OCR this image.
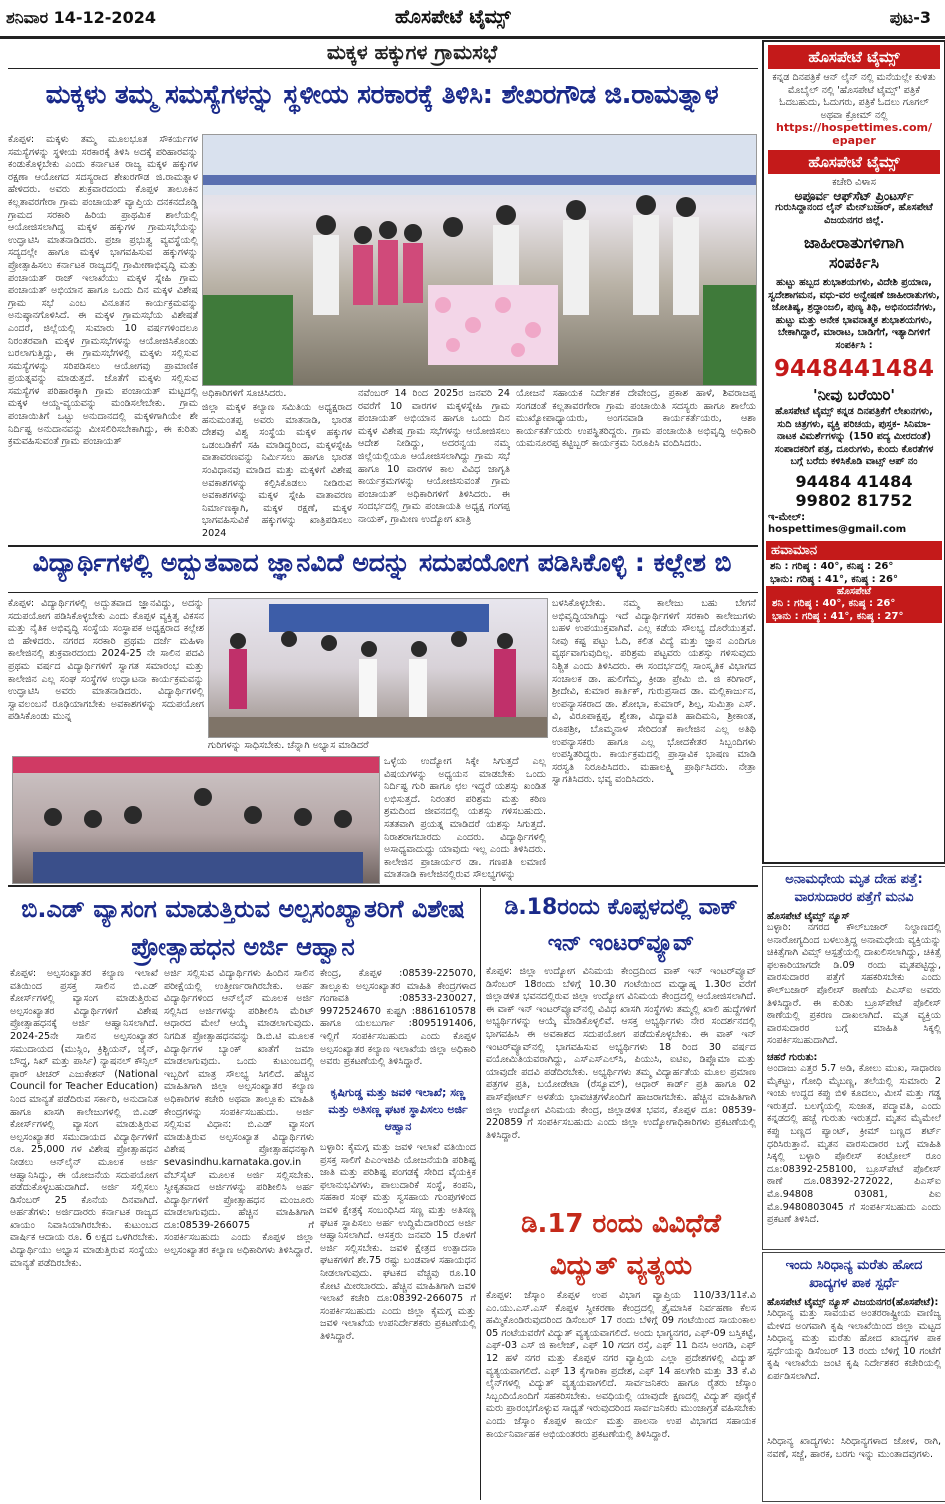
ಶನಿವಾರ 14-12-2024	ಹೊಸಪೇಟೆ ಟೈಮ್ಸ್	ಪುಟ-3
ಮಕ್ಕಳ ಹಕ್ಕುಗಳ ಗ್ರಾಮಸಭೆ
ಮಕ್ಕಳು ತಮ್ಮ ಸಮಸ್ಯೆಗಳನ್ನು ಸ್ಥಳೀಯ ಸರಕಾರಕ್ಕೆ ತಿಳಿಸಿ: ಶೇಖರಗೌಡ ಜಿ.ರಾಮತ್ನಾಳ
ಕೊಪ್ಪಳ: ಮಕ್ಕಳು ತಮ್ಮ ಮೂಲಭೂತ ಸೌಕರ್ಯಗಳ ಸಮಸ್ಯೆಗಳನ್ನು ಸ್ಥಳೀಯ ಸರಕಾರಕ್ಕೆ ತಿಳಿಸಿ ಅದಕ್ಕೆ ಪರಿಹಾರವನ್ನು ಕಂಡುಕೊಳ್ಳಬೇಕು ಎಂದು ಕರ್ನಾಟಕ ರಾಜ್ಯ ಮಕ್ಕಳ ಹಕ್ಕುಗಳ ರಕ್ಷಣಾ ಆಯೋಗದ ಸದಸ್ಯರಾದ ಶೇಖರಗೌಡ ಜಿ.ರಾಮತ್ನಾಳ ಹೇಳಿದರು. ಅವರು ಶುಕ್ರವಾರದಂದು ಕೊಪ್ಪಳ ತಾಲೂಕಿನ ಕಲ್ಲತಾವರಗೇರಾ ಗ್ರಾಮ ಪಂಚಾಯತ್ ವ್ಯಾಪ್ತಿಯ ದನಕನದೊಡ್ಡಿ ಗ್ರಾಮದ ಸರಕಾರಿ ಹಿರಿಯ ಪ್ರಾಥಮಿಕ ಶಾಲೆಯಲ್ಲಿ ಆಯೋಜಿಸಲಾಗಿದ್ದ ಮಕ್ಕಳ ಹಕ್ಕುಗಳ ಗ್ರಾಮಸಭೆಯನ್ನು ಉದ್ಘಾಟಿಸಿ ಮಾತನಾಡಿದರು. ಪ್ರಜಾ ಪ್ರಭುತ್ವ ವ್ಯವಸ್ಥೆಯಲ್ಲಿ ಸದ್ಯದಲ್ಲೇ ಹಾಗೂ ಮಕ್ಕಳ ಭಾಗವಹಿಸುವ ಹಕ್ಕುಗಳನ್ನು ಪ್ರೋತ್ಸಾಹಿಸಲು ಕರ್ನಾಟಕ ರಾಜ್ಯದಲ್ಲಿ ಗ್ರಾಮೀಣಾಭಿವೃದ್ಧಿ ಮತ್ತು ಪಂಚಾಯತ್ ರಾಜ್ ಇಲಾಖೆಯು ಮಕ್ಕಳ ಸ್ನೇಹಿ ಗ್ರಾಮ ಪಂಚಾಯತ್ ಅಭಿಯಾನ ಹಾಗೂ ಒಂದು ದಿನ ಮಕ್ಕಳ ವಿಶೇಷ ಗ್ರಾಮ ಸಭೆ ಎಂಬ ವಿನೂತನ ಕಾರ್ಯಕ್ರಮವನ್ನು ಅನುಷ್ಠಾನಗೊಳಿಸಿದೆ. ಈ ಮಕ್ಕಳ ಗ್ರಾಮಸಭೆಯ ವಿಶೇಷತೆ ಎಂದರೆ, ಜಿಲ್ಲೆಯಲ್ಲಿ ಸುಮಾರು 10 ವರ್ಷಗಳಿಂದಲೂ ನಿರಂತರವಾಗಿ ಮಕ್ಕಳ ಗ್ರಾಮಸಭೆಗಳನ್ನು ಆಯೋಜಿಸಿಕೊಂಡು ಬರಲಾಗುತ್ತಿದ್ದು, ಈ ಗ್ರಾಮಸಭೆಗಳಲ್ಲಿ ಮಕ್ಕಳು ಸಲ್ಲಿಸುವ ಸಮಸ್ಯೆಗಳನ್ನು ಸರಿಪಡಿಸಲು ಆಯೋಗವು ಪ್ರಾಮಾಣಿಕ ಪ್ರಯತ್ನವನ್ನು ಮಾಡುತ್ತದೆ. ಜೊತೆಗೆ ಮಕ್ಕಳು ಸಲ್ಲಿಸುವ ಸಮಸ್ಯೆಗಳ ಪರಿಹಾರಕ್ಕಾಗಿ ಗ್ರಾಮ ಪಂಚಾಯತ್ ಮಟ್ಟದಲ್ಲಿ ಮಕ್ಕಳ ಆಯ್ದ-ವ್ಯಯವನ್ನು ಮಂಡಿಸಲೇಬೇಕು. ಗ್ರಾಮ ಪಂಚಾಯಿತಿಗೆ ಒಟ್ಟು ಅನುದಾನದಲ್ಲಿ ಮಕ್ಕಳಿಗಾಗಿಯೇ ಶೇ ನಿರ್ದಿಷ್ಟ ಅನುದಾನವನ್ನು ಮೀಸಲಿರಿಸಬೇಕಾಗಿದ್ದು, ಈ ಕುರಿತು ಕ್ರಮವಹಿಸುವಂತೆ ಗ್ರಾಮ ಪಂಚಾಯತ್
ಅಧಿಕಾರಿಗಳಿಗೆ ಸೂಚಿಸಿದರು.
ಜಿಲ್ಲಾ ಮಕ್ಕಳ ಕಲ್ಯಾಣ ಸಮಿತಿಯ ಅಧ್ಯಕ್ಷರಾದ ಹನುಮಂತಪ್ಪ ಅವರು ಮಾತನಾಡಿ, ಭಾರತ ದೇಶವು ವಿಶ್ವ ಸಂಸ್ಥೆಯ ಮಕ್ಕಳ ಹಕ್ಕುಗಳ ಒಡಂಬಡಿಕೆಗೆ ಸಹಿ ಮಾಡಿದ್ದರಿಂದ, ಮಕ್ಕಳಸ್ನೇಹಿ ವಾತಾವರಣವನ್ನು ನಿರ್ಮಿಸಲು ಹಾಗೂ ಭಾರತ ಸಂವಿಧಾನವು ಮಾಡಿದ ಮತ್ತು ಮಕ್ಕಳಿಗೆ ವಿಶೇಷ ಅವಕಾಶಗಳನ್ನು ಕಲ್ಪಿಸಿಕೊಡಲು ನೀಡಿರುವ ಅವಕಾಶಗಳನ್ನು ಮಕ್ಕಳ ಸ್ನೇಹಿ ವಾತಾವರಣ ನಿರ್ಮಾಣಕ್ಕಾಗಿ, ಮಕ್ಕಳ ರಕ್ಷಣೆ, ಮಕ್ಕಳ ಭಾಗವಹಿಸುವಿಕೆ ಹಕ್ಕುಗಳನ್ನು ಖಾತ್ರಿಪಡಿಸಲು 2024
ನವೆಂಬರ್ 14 ರಿಂದ 2025ರ ಜನವರಿ 24 ರವರೆಗೆ 10 ವಾರಗಳ ಮಕ್ಕಳಸ್ನೇಹಿ ಗ್ರಾಮ ಪಂಚಾಯತ್ ಅಭಿಯಾನ ಹಾಗೂ ಒಂದು ದಿನ ಮಕ್ಕಳ ವಿಶೇಷ ಗ್ರಾಮ ಸಭೆಗಳನ್ನು ಆಯೋಜಿಸಲು ಆದೇಶ ನೀಡಿದ್ದು, ಅದರನ್ವಯ ನಮ್ಮ ಜಿಲ್ಲೆಯಲ್ಲಿಯೂ ಆಯೋಜಿಸಲಾಗಿದ್ದು ಗ್ರಾಮ ಸಭೆ ಹಾಗೂ 10 ವಾರಗಳ ಕಾಲ ವಿವಿಧ ಜಾಗೃತಿ ಕಾರ್ಯಕ್ರಮಗಳನ್ನು ಆಯೋಜಿಸುವಂತೆ ಗ್ರಾಮ ಪಂಚಾಯತ್ ಅಧಿಕಾರಿಗಳಿಗೆ ತಿಳಿಸಿದರು. ಈ ಸಂದರ್ಭದಲ್ಲಿ ಗ್ರಾಮ ಪಂಚಾಯತಿ ಅಧ್ಯಕ್ಷ ಗಂಗಪ್ಪ ನಾಯಕ್, ಗ್ರಾಮೀಣ ಉದ್ಯೋಗ ಖಾತ್ರಿ
ಯೋಜನೆ ಸಹಾಯಕ ನಿರ್ದೇಶಕ ದೇವೇಂದ್ರ, ಪ್ರಕಾಶ ಹಾಳೆ, ಶಿವರಾಜಪ್ಪ ಸಂಗಡಂತೆ ಕಲ್ಲತಾವರಗೇರಾ ಗ್ರಾಮ ಪಂಚಾಯಿತಿ ಸದಸ್ಯರು ಹಾಗೂ ಶಾಲೆಯ ಮುಖ್ಯೋಪಾಧ್ಯಾಯರು, ಅಂಗನವಾಡಿ ಕಾರ್ಯಕರ್ತೆಯರು, ಆಶಾ ಕಾರ್ಯಕರ್ತೆಯರು ಉಪಸ್ಥಿತರಿದ್ದರು. ಗ್ರಾಮ ಪಂಚಾಯಿತಿ ಅಭಿವೃದ್ಧಿ ಅಧಿಕಾರಿ ಯಮನೂರಪ್ಪ ಕಟ್ಟಿಬ್ಬರ್ ಕಾರ್ಯಕ್ರಮ ನಿರೂಪಿಸಿ ವಂದಿಸಿದರು.
ವಿದ್ಯಾರ್ಥಿಗಳಲ್ಲಿ ಅದ್ಬುತವಾದ ಜ್ಞಾನವಿದೆ ಅದನ್ನು ಸದುಪಯೋಗ ಪಡಿಸಿಕೊಳ್ಳಿ : ಕಲ್ಲೇಶ ಬಿ
ಕೊಪ್ಪಳ: ವಿದ್ಯಾರ್ಥಿಗಳಲ್ಲಿ ಅದ್ಬುತವಾದ ಜ್ಞಾನವಿದ್ದು, ಅದನ್ನು ಸದುಪಯೋಗ ಪಡಿಸಿಕೊಳ್ಳಬೇಕು ಎಂದು ಕೊಪ್ಪಳ ವ್ಯಕ್ತಿತ್ವ ವಿಕಸನ ಮತ್ತು ನೈತಿಕ ಅಭಿವೃದ್ಧಿ ಸಂಸ್ಥೆಯ ಸಂಸ್ಥಾಪಕ ಅಧ್ಯಕ್ಷರಾದ ಕಲ್ಲೇಶ ಬಿ ಹೇಳಿದರು. ನಗರದ ಸರಕಾರಿ ಪ್ರಥಮ ದರ್ಜೆ ಮಹಿಳಾ ಕಾಲೇಜಿನಲ್ಲಿ ಶುಕ್ರವಾರದಂದು 2024-25 ನೇ ಸಾಲಿನ ಪದವಿ ಪ್ರಥಮ ವರ್ಷದ ವಿದ್ಯಾರ್ಥಿಗಳಿಗೆ ಸ್ವಾಗತ ಸಮಾರಂಭ ಮತ್ತು ಕಾಲೇಜಿನ ಎಲ್ಲ ಸಂಘ ಸಂಸ್ಥೆಗಳ ಉದ್ಘಾಟನಾ ಕಾರ್ಯಕ್ರಮವನ್ನು ಉದ್ಘಾಟಿಸಿ ಅವರು ಮಾತನಾಡಿದರು. ವಿದ್ಯಾರ್ಥಿಗಳಲ್ಲಿ ಸ್ವಾವಲಂಬನೆ ರೂಢಿಯಾಗಬೇಕು ಅವಕಾಶಗಳನ್ನು ಸದುಪಯೋಗ ಪಡಿಸಿಕೊಂಡು ಮುನ್ನ
ಗುರಿಗಳನ್ನು ಸಾಧಿಸಬೇಕು. ಚೆನ್ನಾಗಿ ಅಭ್ಯಾಸ ಮಾಡಿದರೆ
ಒಳ್ಳೆಯ ಉದ್ಯೋಗ ಸಿಕ್ಕೇ ಸಿಗುತ್ತದೆ ಎಲ್ಲ ವಿಷಯಗಳನ್ನು ಅಧ್ಯಯನ ಮಾಡಬೇಕು ಒಂದು ನಿರ್ದಿಷ್ಟ ಗುರಿ ಹಾಗೂ ಛಲ ಇದ್ದರೆ ಯಶಸ್ಸು ಖಂಡಿತ ಲಭಿಸುತ್ತದೆ. ನಿರಂತರ ಪರಿಶ್ರಮ ಮತ್ತು ಕಠಿಣ ಶ್ರಮದಿಂದ ಜೀವನದಲ್ಲಿ ಯಶಸ್ಸು ಗಳಿಸಬಹುದು. ಸತತವಾಗಿ ಪ್ರಯತ್ನ ಮಾಡಿದರೆ ಯಶಸ್ಸು ಸಿಗುತ್ತದೆ. ನಿರಾಶರಾಗಬಾರದು ಎಂದರು. ವಿದ್ಯಾರ್ಥಿಗಳಲ್ಲಿ ಅಸಾಧ್ಯವಾದುದ್ದು ಯಾವುದು ಇಲ್ಲ ಎಂದು ತಿಳಿಸಿದರು. ಕಾಲೇಜಿನ ಪ್ರಾಚಾರ್ಯರ ಡಾ. ಗಣಪತಿ ಲಮಾಣಿ ಮಾತನಾಡಿ ಕಾಲೇಜಿನಲ್ಲಿರುವ ಸೌಲಭ್ಯಗಳನ್ನು
ಬಳಸಿಕೊಳ್ಳಬೇಕು. ನಮ್ಮ ಕಾಲೇಜು ಬಹು ಬೇಗನೆ ಅಭಿವೃದ್ಧಿಯಾಗಿದ್ದು ಇದೆ ವಿದ್ಯಾರ್ಥಿಗಳಿಗೆ ಸರಕಾರಿ ಕಾಲೇಜುಗಳು ಬಹಳ ಉಪಯುಕ್ತವಾಗಿವೆ. ಎಲ್ಲ ಕಡೆಯ ಸೌಲಭ್ಯ ದೊರೆಯುತ್ತವೆ. ನೀವು ಕಷ್ಟ ಪಟ್ಟು ಓದಿ, ಕಲಿತ ವಿದ್ಯೆ ಮತ್ತು ಜ್ಞಾನ ಎಂದಿಗೂ ವ್ಯರ್ಥವಾಗುವುದಿಲ್ಲ. ಪರಿಶ್ರಮ ಪಟ್ಟವರು ಯಶಸ್ಸು ಗಳಿಸುವುದು ನಿಶ್ಚಿತ ಎಂದು ತಿಳಿಸಿದರು. ಈ ಸಂದರ್ಭದಲ್ಲಿ ಸಾಂಸ್ಕೃತಿಕ ವಿಭಾಗದ ಸಂಚಾಲಕ ಡಾ. ಹುಲಿಗೆಮ್ಮ, ಕ್ರೀಡಾ ಪ್ರೇಮಿ ಬಿ. ಜಿ ಕರಿಗಾರ್, ಶ್ರೀದೇವಿ, ಕುಮಾರ ಕಾರ್ತಿಕ್, ಗುರುಪ್ರಸಾದ ಡಾ. ಮಲ್ಲಿಕಾರ್ಜುನ, ಉಪನ್ಯಾಸಕರಾದ ಡಾ. ಶೋಭಾ, ಕುಮಾರ್, ಶಿಲ್ಪ, ಸುಮಿತ್ರಾ ಎಸ್. ವಿ, ವಿರೂಪಾಕ್ಷಪ್ಪ, ಶ್ವೇತಾ, ವಿದ್ಯಾವತಿ ಹಾದಿಮನಿ, ಶ್ರೀಕಾಂತ, ರೂಪಶ್ರೀ, ಬೊಮ್ಮನಾಳ ಸೇರಿದಂತೆ ಕಾಲೇಜಿನ ಎಲ್ಲ ಅತಿಥಿ ಉಪನ್ಯಾಸಕರು ಹಾಗೂ ಎಲ್ಲ ಭೋದಕೇತರ ಸಿಬ್ಬಂದಿಗಳು ಉಪಸ್ಥಿತರಿದ್ದರು. ಕಾರ್ಯಕ್ರಮದಲ್ಲಿ ಪ್ರಾಸ್ತಾವಿಕ ಭಾಷಣ ಮಾಡಿ ಸರಸ್ವತಿ ನಿರೂಪಿಸಿದರು. ಮಹಾಲಕ್ಷ್ಮಿ ಪ್ರಾರ್ಥಿಸಿದರು. ನೇತ್ರಾ ಸ್ವಾಗತಿಸಿದರು. ಭವ್ಯ ವಂದಿಸಿದರು.
ಬಿ.ಎಡ್ ವ್ಯಾಸಂಗ ಮಾಡುತ್ತಿರುವ ಅಲ್ಪಸಂಖ್ಯಾತರಿಗೆ ವಿಶೇಷ ಪ್ರೋತ್ಸಾಹಧನ ಅರ್ಜಿ ಆಹ್ವಾನ
ಕೊಪ್ಪಳ: ಅಲ್ಪಸಂಖ್ಯಾತರ ಕಲ್ಯಾಣ ಇಲಾಖೆ ವತಿಯಿಂದ ಪ್ರಸಕ್ತ ಸಾಲಿನ ಬಿ.ಎಡ್ ಕೋರ್ಸ್‌ಗಳಲ್ಲಿ ವ್ಯಾಸಂಗ ಮಾಡುತ್ತಿರುವ ಅಲ್ಪಸಂಖ್ಯಾತರ ವಿದ್ಯಾರ್ಥಿಗಳಿಗೆ ವಿಶೇಷ ಪ್ರೋತ್ಸಾಹಧನಕ್ಕೆ ಅರ್ಜಿ ಆಹ್ವಾನಿಸಲಾಗಿದೆ. 2024-25ನೇ ಸಾಲಿನ ಅಲ್ಪಸಂಖ್ಯಾತರ ಸಮುದಾಯದ (ಮುಸ್ಲಿಂ, ಕ್ರಿಶ್ಚಿಯನ್, ಜೈನ್, ಬೌದ್ಧ, ಸಿಖ್ ಮತ್ತು ಪಾರ್ಸಿ) ನ್ಯಾಷನಲ್ ಕೌನ್ಸಿಲ್ ಫಾರ್ ಟೀಚರ್ ಎಜುಕೇಶನ್ (National Council for Teacher Education) ನಿಂದ ಮಾನ್ಯತೆ ಪಡೆದಿರುವ ಸರ್ಕಾರಿ, ಅನುದಾನಿತ ಹಾಗೂ ಖಾಸಗಿ ಕಾಲೇಜುಗಳಲ್ಲಿ ಬಿ.ಎಡ್ ಕೋರ್ಸ್‌ಗಳಲ್ಲಿ ವ್ಯಾಸಂಗ ಮಾಡುತ್ತಿರುವ ಅಲ್ಪಸಂಖ್ಯಾತರ ಸಮುದಾಯದ ವಿದ್ಯಾರ್ಥಿಗಳಿಗೆ ರೂ. 25,000 ಗಳ ವಿಶೇಷ ಪ್ರೋತ್ಸಾಹಧನ ನೀಡಲು ಆನ್‌ಲೈನ್ ಮೂಲಕ ಅರ್ಜಿ ಆಹ್ವಾನಿಸಿದ್ದು, ಈ ಯೋಜನೆಯ ಸದುಪಯೋಗ ಪಡೆದುಕೊಳ್ಳಬಹುದಾಗಿದೆ. ಅರ್ಜಿ ಸಲ್ಲಿಸಲು ಡಿಸೆಂಬರ್ 25 ಕೊನೆಯ ದಿನವಾಗಿದೆ. ಅರ್ಹತೆಗಳು: ಅರ್ಜಿದಾರರು ಕರ್ನಾಟಕ ರಾಜ್ಯದ ಖಾಯಂ ನಿವಾಸಿಯಾಗಿರಬೇಕು. ಕುಟುಂಬದ ವಾರ್ಷಿಕ ಆದಾಯ ರೂ. 6 ಲಕ್ಷದ ಒಳಗಿರಬೇಕು. ವಿದ್ಯಾರ್ಥಿಯು ಅಭ್ಯಾಸ ಮಾಡುತ್ತಿರುವ ಸಂಸ್ಥೆಯು ಮಾನ್ಯತೆ ಪಡೆದಿರಬೇಕು.
ಅರ್ಜಿ ಸಲ್ಲಿಸುವ ವಿದ್ಯಾರ್ಥಿಗಳು ಹಿಂದಿನ ಸಾಲಿನ ಪರೀಕ್ಷೆಯಲ್ಲಿ ಉತ್ತೀರ್ಣರಾಗಿರಬೇಕು. ಅರ್ಹ ವಿದ್ಯಾರ್ಥಿಗಳಿಂದ ಆನ್‌ಲೈನ್ ಮೂಲಕ ಅರ್ಜಿ ಸಲ್ಲಿಸಿದ ಅರ್ಜಿಗಳನ್ನು ಪರಿಶೀಲಿಸಿ ಮೆರಿಟ್ ಆಧಾರದ ಮೇಲೆ ಆಯ್ಕೆ ಮಾಡಲಾಗುವುದು. ನಿಗದಿತ ಪ್ರೋತ್ಸಾಹಧನವನ್ನು ಡಿ.ಬಿ.ಟಿ ಮೂಲಕ ವಿದ್ಯಾರ್ಥಿಗಳ ಬ್ಯಾಂಕ್ ಖಾತೆಗೆ ಜಮಾ ಮಾಡಲಾಗುವುದು. ಒಂದು ಕುಟುಂಬದಲ್ಲಿ ಇಬ್ಬರಿಗೆ ಮಾತ್ರ ಸೌಲಭ್ಯ ಸಿಗಲಿದೆ. ಹೆಚ್ಚಿನ ಮಾಹಿತಿಗಾಗಿ ಜಿಲ್ಲಾ ಅಲ್ಪಸಂಖ್ಯಾತರ ಕಲ್ಯಾಣ ಅಧಿಕಾರಿಗಳ ಕಚೇರಿ ಅಥವಾ ತಾಲ್ಲೂಕು ಮಾಹಿತಿ ಕೇಂದ್ರಗಳನ್ನು ಸಂಪರ್ಕಿಸಬಹುದು. ಅರ್ಜಿ ಸಲ್ಲಿಸುವ ವಿಧಾನ: ಬಿ.ಎಡ್ ವ್ಯಾಸಂಗ ಮಾಡುತ್ತಿರುವ ಅಲ್ಪಸಂಖ್ಯಾತ ವಿದ್ಯಾರ್ಥಿಗಳು ವಿಶೇಷ ಪ್ರೋತ್ಸಾಹಧನಕ್ಕಾಗಿ sevasindhu.karnataka.gov.in ವೆಬ್‌ಸೈಟ್ ಮೂಲಕ ಅರ್ಜಿ ಸಲ್ಲಿಸಬೇಕು. ಸ್ವೀಕೃತವಾದ ಅರ್ಜಿಗಳನ್ನು ಪರಿಶೀಲಿಸಿ ಅರ್ಹ ವಿದ್ಯಾರ್ಥಿಗಳಿಗೆ ಪ್ರೋತ್ಸಾಹಧನ ಮಂಜೂರು ಮಾಡಲಾಗುವುದು. ಹೆಚ್ಚಿನ ಮಾಹಿತಿಗಾಗಿ ದೂ:08539-266075 ಗೆ ಸಂಪರ್ಕಿಸಬಹುದು ಎಂದು ಕೊಪ್ಪಳ ಜಿಲ್ಲಾ ಅಲ್ಪಸಂಖ್ಯಾತರ ಕಲ್ಯಾಣ ಅಧಿಕಾರಿಗಳು ತಿಳಿಸಿದ್ದಾರೆ.
ಕೇಂದ್ರ, ಕೊಪ್ಪಳ :08539-225070, ತಾಲ್ಲೂಕು ಅಲ್ಪಸಂಖ್ಯಾತರ ಮಾಹಿತಿ ಕೇಂದ್ರಗಳಾದ ಗಂಗಾವತಿ :08533-230027, 9972524670 ಕುಷ್ಟಗಿ :8861610578 ಹಾಗೂ ಯಲಬುರ್ಗಾ :8095191406, ಇಲ್ಲಿಗೆ ಸಂಪರ್ಕಿಸಬಹುದು ಎಂದು ಕೊಪ್ಪಳ ಅಲ್ಪಸಂಖ್ಯಾತರ ಕಲ್ಯಾಣ ಇಲಾಖೆಯ ಜಿಲ್ಲಾ ಅಧಿಕಾರಿ ಅವರು ಪ್ರಕಟಣೆಯಲ್ಲಿ ತಿಳಿಸಿದ್ದಾರೆ.
ಕೃಷಿಗುಡ್ಡ ಮತ್ತು ಜವಳಿ ಇಲಾಖೆ; ಸಣ್ಣ ಮತ್ತು ಅತಿಸಣ್ಣ ಘಟಕ ಸ್ಥಾಪಿಸಲು ಅರ್ಜಿ ಆಹ್ವಾನ
ಬಳ್ಳಾರಿ: ಕೈಮಗ್ಗ ಮತ್ತು ಜವಳಿ ಇಲಾಖೆ ವತಿಯಿಂದ ಪ್ರಸಕ್ತ ಸಾಲಿಗೆ ಪಿಎಂಇಜಿಪಿ ಯೋಜನೆಯಡಿ ಪರಿಶಿಷ್ಟ ಜಾತಿ ಮತ್ತು ಪರಿಶಿಷ್ಟ ಪಂಗಡಕ್ಕೆ ಸೇರಿದ ವೈಯಕ್ತಿಕ ಫಲಾನುಭವಿಗಳು, ಪಾಲುದಾರಿಕೆ ಸಂಸ್ಥೆ, ಕಂಪನಿ, ಸಹಕಾರ ಸಂಘ ಮತ್ತು ಸ್ವಸಹಾಯ ಗುಂಪುಗಳಿಂದ ಜವಳಿ ಕ್ಷೇತ್ರಕ್ಕೆ ಸಂಬಂಧಿಸಿದ ಸಣ್ಣ ಮತ್ತು ಅತಿಸಣ್ಣ ಘಟಕ ಸ್ಥಾಪಿಸಲು ಅರ್ಹ ಉದ್ದಿಮೆದಾರರಿಂದ ಅರ್ಜಿ ಆಹ್ವಾನಿಸಲಾಗಿದೆ. ಆಸಕ್ತರು ಜನವರಿ 15 ರೊಳಗೆ ಅರ್ಜಿ ಸಲ್ಲಿಸಬೇಕು. ಜವಳಿ ಕ್ಷೇತ್ರದ ಉತ್ಪಾದನಾ ಘಟಕಗಳಿಗೆ ಶೇ.75 ರಷ್ಟು ಬಂಡವಾಳ ಸಹಾಯಧನ ನೀಡಲಾಗುವುದು. ಘಟಕದ ವೆಚ್ಚವು ರೂ.10 ಕೋಟಿ ಮೀರಬಾರದು. ಹೆಚ್ಚಿನ ಮಾಹಿತಿಗಾಗಿ ಜವಳಿ ಇಲಾಖೆ ಕಚೇರಿ ದೂ:08392-266075 ಗೆ ಸಂಪರ್ಕಿಸಬಹುದು ಎಂದು ಜಿಲ್ಲಾ ಕೈಮಗ್ಗ ಮತ್ತು ಜವಳಿ ಇಲಾಖೆಯ ಉಪನಿರ್ದೇಶಕರು ಪ್ರಕಟಣೆಯಲ್ಲಿ ತಿಳಿಸಿದ್ದಾರೆ.
ಡಿ.18ರಂದು ಕೊಪ್ಪಳದಲ್ಲಿ ವಾಕ್ ಇನ್ ಇಂಟರ್‌ವ್ಯೂವ್
ಕೊಪ್ಪಳ: ಜಿಲ್ಲಾ ಉದ್ಯೋಗ ವಿನಿಮಯ ಕೇಂದ್ರದಿಂದ ವಾಕ್ ಇನ್ ಇಂಟರ್‌ವ್ಯೂವ್ ಡಿಸೆಂಬರ್ 18ರಂದು ಬೆಳಿಗ್ಗೆ 10.30 ಗಂಟೆಯಿಂದ ಮಧ್ಯಾಹ್ನ 1.30ರ ವರೆಗೆ ಜಿಲ್ಲಾಡಳಿತ ಭವನದಲ್ಲಿರುವ ಜಿಲ್ಲಾ ಉದ್ಯೋಗ ವಿನಿಮಯ ಕೇಂದ್ರದಲ್ಲಿ ಆಯೋಜಿಸಲಾಗಿದೆ. ಈ ವಾಕ್ ಇನ್ ಇಂಟರ್‌ವ್ಯೂವ್‌ನಲ್ಲಿ ವಿವಿಧ ಖಾಸಗಿ ಸಂಸ್ಥೆಗಳು ತಮ್ಮಲ್ಲಿ ಖಾಲಿ ಹುದ್ದೆಗಳಿಗೆ ಅಭ್ಯರ್ಥಿಗಳನ್ನು ಆಯ್ಕೆ ಮಾಡಿಕೊಳ್ಳಲಿವೆ. ಆಸಕ್ತ ಅಭ್ಯರ್ಥಿಗಳು ನೇರ ಸಂದರ್ಶನದಲ್ಲಿ ಭಾಗವಹಿಸಿ ಈ ಅವಕಾಶದ ಸದುಪಯೋಗ ಪಡೆದುಕೊಳ್ಳಬೇಕು. ಈ ವಾಕ್ ಇನ್ ಇಂಟರ್‌ವ್ಯೂವ್‌ನಲ್ಲಿ ಭಾಗವಹಿಸುವ ಅಭ್ಯರ್ಥಿಗಳು 18 ರಿಂದ 30 ವರ್ಷದ ವಯೋಮಿತಿಯವರಾಗಿದ್ದು, ಎಸ್‌ಎಸ್‌ಎಲ್‌ಸಿ, ಪಿಯುಸಿ, ಐಟಿಐ, ಡಿಪ್ಲೊಮಾ ಮತ್ತು ಯಾವುದೇ ಪದವಿ ಪಡೆದಿರಬೇಕು. ಅಭ್ಯರ್ಥಿಗಳು ತಮ್ಮ ವಿದ್ಯಾರ್ಹತೆಯ ಮೂಲ ಪ್ರಮಾಣ ಪತ್ರಗಳ ಪ್ರತಿ, ಬಯೋಡೇಟಾ (ರೆಸ್ಯೂಮ್), ಆಧಾರ್ ಕಾರ್ಡ್ ಪ್ರತಿ ಹಾಗೂ 02 ಪಾಸ್‌ಪೋರ್ಟ್ ಅಳತೆಯ ಭಾವಚಿತ್ರಗಳೊಂದಿಗೆ ಹಾಜರಾಗಬೇಕು. ಹೆಚ್ಚಿನ ಮಾಹಿತಿಗಾಗಿ ಜಿಲ್ಲಾ ಉದ್ಯೋಗ ವಿನಿಮಯ ಕೇಂದ್ರ, ಜಿಲ್ಲಾಡಳಿತ ಭವನ, ಕೊಪ್ಪಳ ದೂ: 08539-220859 ಗೆ ಸಂಪರ್ಕಿಸಬಹುದು ಎಂದು ಜಿಲ್ಲಾ ಉದ್ಯೋಗಾಧಿಕಾರಿಗಳು ಪ್ರಕಟಣೆಯಲ್ಲಿ ತಿಳಿಸಿದ್ದಾರೆ.
ಡಿ.17 ರಂದು ವಿವಿಧೆಡೆ ವಿದ್ಯುತ್ ವ್ಯತ್ಯಯ
ಕೊಪ್ಪಳ: ಜೆಸ್ಕಾಂ ಕೊಪ್ಪಳ ಉಪ ವಿಭಾಗ ವ್ಯಾಪ್ತಿಯ 110/33/11ಕೆ.ವಿ ಎಂ.ಯು.ಎಸ್.ಎಸ್ ಕೊಪ್ಪಳ ಸ್ವೀಕರಣಾ ಕೇಂದ್ರದಲ್ಲಿ ತ್ರೈಮಾಸಿಕ ನಿರ್ವಹಣಾ ಕೆಲಸ ಹಮ್ಮಿಕೊಂಡಿರುವುದರಿಂದ ಡಿಸೆಂಬರ್ 17 ರಂದು ಬೆಳಿಗ್ಗೆ 09 ಗಂಟೆಯಿಂದ ಸಾಯಂಕಾಲ 05 ಗಂಟೆಯವರೆಗೆ ವಿದ್ಯುತ್ ವ್ಯತ್ಯಯವಾಗಲಿದೆ. ಅಂದು ಭಾಗ್ಯನಗರ, ಎಫ್-09 ಬಸ್ತಿಕಟ್ಟೆ, ಎಫ್-03 ಎಸ್ ಜಿ ಕಾಲೇಜ್, ಎಫ್ 10 ಗದಗ ರಸ್ತೆ, ಎಫ್ 11 ದಿನಸಿ ಅಂಗಡಿ, ಎಫ್ 12 ಹಳೆ ನಗರ ಮತ್ತು ಕೊಪ್ಪಳ ನಗರ ವ್ಯಾಪ್ತಿಯ ಎಲ್ಲಾ ಪ್ರದೇಶಗಳಲ್ಲಿ ವಿದ್ಯುತ್ ವ್ಯತ್ಯಯವಾಗಲಿದೆ. ಎಫ್ 13 ಕೈಗಾರಿಕಾ ಪ್ರದೇಶ, ಎಫ್ 14 ಹಲಗೇರಿ ಮತ್ತು 33 ಕೆ.ವಿ ಲೈನ್‌ಗಳಲ್ಲಿ ವಿದ್ಯುತ್ ವ್ಯತ್ಯಯವಾಗಲಿದೆ. ಸಾರ್ವಜನಿಕರು ಹಾಗೂ ರೈತರು ಜೆಸ್ಕಾಂ ಸಿಬ್ಬಂದಿಯೊಂದಿಗೆ ಸಹಕರಿಸಬೇಕು. ಅವಧಿಯಲ್ಲಿ ಯಾವುದೇ ಕ್ಷಣದಲ್ಲಿ ವಿದ್ಯುತ್ ಪೂರೈಕೆ ಮರು ಪ್ರಾರಂಭಗೊಳ್ಳುವ ಸಾಧ್ಯತೆ ಇರುವುದರಿಂದ ಸಾರ್ವಜನಿಕರು ಮುಂಜಾಗ್ರತೆ ವಹಿಸಬೇಕು ಎಂದು ಜೆಸ್ಕಾಂ ಕೊಪ್ಪಳ ಕಾರ್ಯ ಮತ್ತು ಪಾಲನಾ ಉಪ ವಿಭಾಗದ ಸಹಾಯಕ ಕಾರ್ಯನಿರ್ವಾಹಕ ಅಭಿಯಂತರರು ಪ್ರಕಟಣೆಯಲ್ಲಿ ತಿಳಿಸಿದ್ದಾರೆ.
ಹೊಸಪೇಟೆ ಟೈಮ್ಸ್
ಕನ್ನಡ ದಿನಪತ್ರಿಕೆ ಆನ್ ಲೈನ್ ನಲ್ಲಿ ಮನೆಯಲ್ಲೇ ಕುಳಿತು ಮೊಬೈಲ್ ನಲ್ಲಿ 'ಹೊಸಪೇಟೆ ಟೈಮ್ಸ್' ಪತ್ರಿಕೆ ಓದಬಹುದು, ಓದುಗರು, ಪತ್ರಿಕೆ ಓದಲು ಗೂಗಲ್ ಅಥವಾ ಕ್ರೋಮ್ ನಲ್ಲಿ
https://hospettimes.com/ epaper
ಹೊಸಪೇಟೆ ಟೈಮ್ಸ್
ಕಚೇರಿ ವಿಳಾಸ
ಅಪೂರ್ವ ಆಫ್‌ಸೆಟ್ ಪ್ರಿಂಟರ್ಸ್
ಗುರುಸಿದ್ದಾನಂದ ಲೈನ್ ಮೇನ್‌ಬಜಾರ್, ಹೊಸಪೇಟೆ ವಿಜಯನಗರ ಜಿಲ್ಲೆ.
ಜಾಹೀರಾತುಗಳಿಗಾಗಿ
ಸಂಪರ್ಕಿಸಿ
ಹುಟ್ಟು ಹಬ್ಬದ ಶುಭಾಶಯಗಳು, ವಿದೇಶಿ ಪ್ರಯಾಣ, ಸ್ವದೇಶಾಗಮನ, ವಧು-ವರ ಅನ್ವೇಷಣೆ ಜಾಹೀರಾತುಗಳು, ಜೋತಿಷ್ಯ, ಶ್ರದ್ಧಾಂಜಲಿ, ಪುಣ್ಯ ತಿಥಿ, ಅಭಿನಂದನೆಗಳು, ಹುಟ್ಟು ಮತ್ತು ಅನೇಕ ಭಾವನಾತ್ಮಕ ಶುಭಾಶಯಗಳು, ಬೇಕಾಗಿದ್ದಾರೆ, ಮಾರಾಟ, ಬಾಡಿಗೆಗೆ, ಇತ್ಯಾದಿಗಳಿಗೆ ಸಂಪರ್ಕಿಸಿ :
9448441484
'ನೀವು ಬರೆಯಿರಿ'
ಹೊಸಪೇಟೆ ಟೈಮ್ಸ್ ಕನ್ನಡ ದಿನಪತ್ರಿಕೆಗೆ ಲೇಖನಗಳು, ಸುದಿ ಚಿತ್ರಗಳು, ವ್ಯಕ್ತಿ ಪರಿಚಯ, ಪುಸ್ತಕ- ಸಿನಿಮಾ-ನಾಟಕ ವಿಮರ್ಶೆಗಳನ್ನು (150 ಪದ್ಯ ಮೀರದಂತೆ) ಸಂಪಾದಕರಿಗೆ ಪತ್ರ, ದೂರುಗಳು, ಕುಂದು ಕೊರತೆಗಳ ಬಗ್ಗೆ ಬರೆದು ಕಳಿಸಿಕೊಡಿ ವಾಟ್ಸ್ ಆಪ್ ನಂ
94484 41484
99802 81752
ಇ-ಮೇಲ್: hospettimes@gmail.com
ಹವಾಮಾನ
ಶನಿ : ಗರಿಷ್ಠ : 40°, ಕನಿಷ್ಠ : 26°
ಭಾನು: ಗರಿಷ್ಠ : 41°, ಕನಿಷ್ಠ : 26°
ಹೊಸಪೇಟೆ
ಶನಿ : ಗರಿಷ್ಠ : 40°, ಕನಿಷ್ಠ : 26°
ಭಾನು : ಗರಿಷ್ಠ : 41°, ಕನಿಷ್ಠ : 27°
ಅನಾಮಧೇಯ ಮೃತ ದೇಹ ಪತ್ತೆ: ವಾರಸುದಾರರ ಪತ್ತೆಗೆ ಮನವಿ
ಹೊಸಪೇಟೆ ಟೈಮ್ಸ್ ನ್ಯೂಸ್
ಬಳ್ಳಾರಿ: ನಗರದ ಕೌಲ್‌ಬಜಾರ್ ನಿಲ್ದಾಣದಲ್ಲಿ ಅನಾರೋಗ್ಯದಿಂದ ಬಳಲುತ್ತಿದ್ದ ಅನಾಮಧೇಯ ವ್ಯಕ್ತಿಯನ್ನು ಚಿಕಿತ್ಸೆಗಾಗಿ ವಿಮ್ಸ್ ಆಸ್ಪತ್ರೆಯಲ್ಲಿ ದಾಖಲಿಸಲಾಗಿದ್ದು, ಚಿಕಿತ್ಸೆ ಫಲಕಾರಿಯಾಗದೇ ಡಿ.09 ರಂದು ಮೃತಪಟ್ಟಿದ್ದು, ವಾರಸುದಾರರ ಪತ್ತೆಗೆ ಸಹಕರಿಸಬೇಕು ಎಂದು ಕೌಲ್‌ಬಜಾರ್ ಪೊಲೀಸ್ ಠಾಣೆಯ ಪಿಎಸ್‌ಐ ಅವರು ತಿಳಿಸಿದ್ದಾರೆ. ಈ ಕುರಿತು ಬ್ರೂಸ್‌ಪೇಟೆ ಪೊಲೀಸ್ ಠಾಣೆಯಲ್ಲಿ ಪ್ರಕರಣ ದಾಖಲಾಗಿದೆ. ಮೃತ ವ್ಯಕ್ತಿಯ ವಾರಸುದಾರರ ಬಗ್ಗೆ ಮಾಹಿತಿ ಸಿಕ್ಕಲ್ಲಿ ಸಂಪರ್ಕಿಸಬಹುದಾಗಿದೆ.
ಚಹರೆ ಗುರುತು:
ಅಂದಾಜು ಎತ್ತರ 5.7 ಅಡಿ, ಕೋಲು ಮುಖ, ಸಾಧಾರಣ ಮೈಕಟ್ಟು, ಗೋಧಿ ಮೈಬಣ್ಣ, ತಲೆಯಲ್ಲಿ ಸುಮಾರು 2 ಇಂಚು ಉದ್ದದ ಕಪ್ಪು ಬಿಳಿ ಕೂದಲು, ಮೀಸೆ ಮತ್ತು ಗಡ್ಡ ಇರುತ್ತದೆ. ಬಲಗೈಯಲ್ಲಿ ಸುಜಾತ, ಪದ್ಮಾವತಿ, ಎಂದು ಕನ್ನಡದಲ್ಲಿ ಹಚ್ಚೆ ಗುರುತು ಇರುತ್ತದೆ. ಮೃತನ ಮೈಮೇಲೆ ಕಪ್ಪು ಬಣ್ಣದ ಪ್ಯಾಂಟ್, ಕ್ರೀಮ್ ಬಣ್ಣದ ಶರ್ಟ್ ಧರಿಸಿರುತ್ತಾನೆ. ಮೃತನ ವಾರಸುದಾರರ ಬಗ್ಗೆ ಮಾಹಿತಿ ಸಿಕ್ಕಲ್ಲಿ ಬಳ್ಳಾರಿ ಪೊಲೀಸ್ ಕಂಟ್ರೋಲ್ ರೂಂ ದೂ:08392-258100, ಬ್ರೂಸ್‌ಪೇಟೆ ಪೊಲೀಸ್ ಠಾಣೆ ದೂ.08392-272022, ಪಿಎಸ್‌ಐ ಮೊ.94808 03081, ಪಿಐ ಮೊ.9480803045 ಗೆ ಸಂಪರ್ಕಿಸಬಹುದು ಎಂದು ಪ್ರಕಟಣೆ ತಿಳಿಸಿದೆ.
ಇಂದು ಸಿರಿಧಾನ್ಯ ಮರೆತು ಹೋದ ಖಾದ್ಯಗಳ ಪಾಕ ಸ್ಪರ್ಧೆ
ಹೊಸಪೇಟೆ ಟೈಮ್ಸ್ ನ್ಯೂಸ್ ವಿಜಯನಗರ(ಹೊಸಪೇಟೆ):
ಸಿರಿಧಾನ್ಯ ಮತ್ತು ಸಾವಯವ ಅಂತರರಾಷ್ಟ್ರೀಯ ವಾಣಿಜ್ಯ ಮೇಳದ ಅಂಗವಾಗಿ ಕೃಷಿ ಇಲಾಖೆಯಿಂದ ಜಿಲ್ಲಾ ಮಟ್ಟದ ಸಿರಿಧಾನ್ಯ ಮತ್ತು ಮರೆತು ಹೋದ ಖಾದ್ಯಗಳ ಪಾಕ ಸ್ಪರ್ಧೆಯನ್ನು ಡಿಸೆಂಬರ್ 13 ರಂದು ಬೆಳಿಗ್ಗೆ 10 ಗಂಟೆಗೆ ಕೃಷಿ ಇಲಾಖೆಯ ಜಂಟಿ ಕೃಷಿ ನಿರ್ದೇಶಕರ ಕಚೇರಿಯಲ್ಲಿ ಏರ್ಪಡಿಸಲಾಗಿದೆ.
ಸಿರಿಧಾನ್ಯ ಖಾದ್ಯಗಳು: ಸಿರಿಧಾನ್ಯಗಳಾದ ಜೋಳ, ರಾಗಿ, ನವಣೆ, ಸಜ್ಜೆ, ಹಾರಕ, ಬರಗು ಇನ್ನು ಮುಂತಾದವುಗಳು.
